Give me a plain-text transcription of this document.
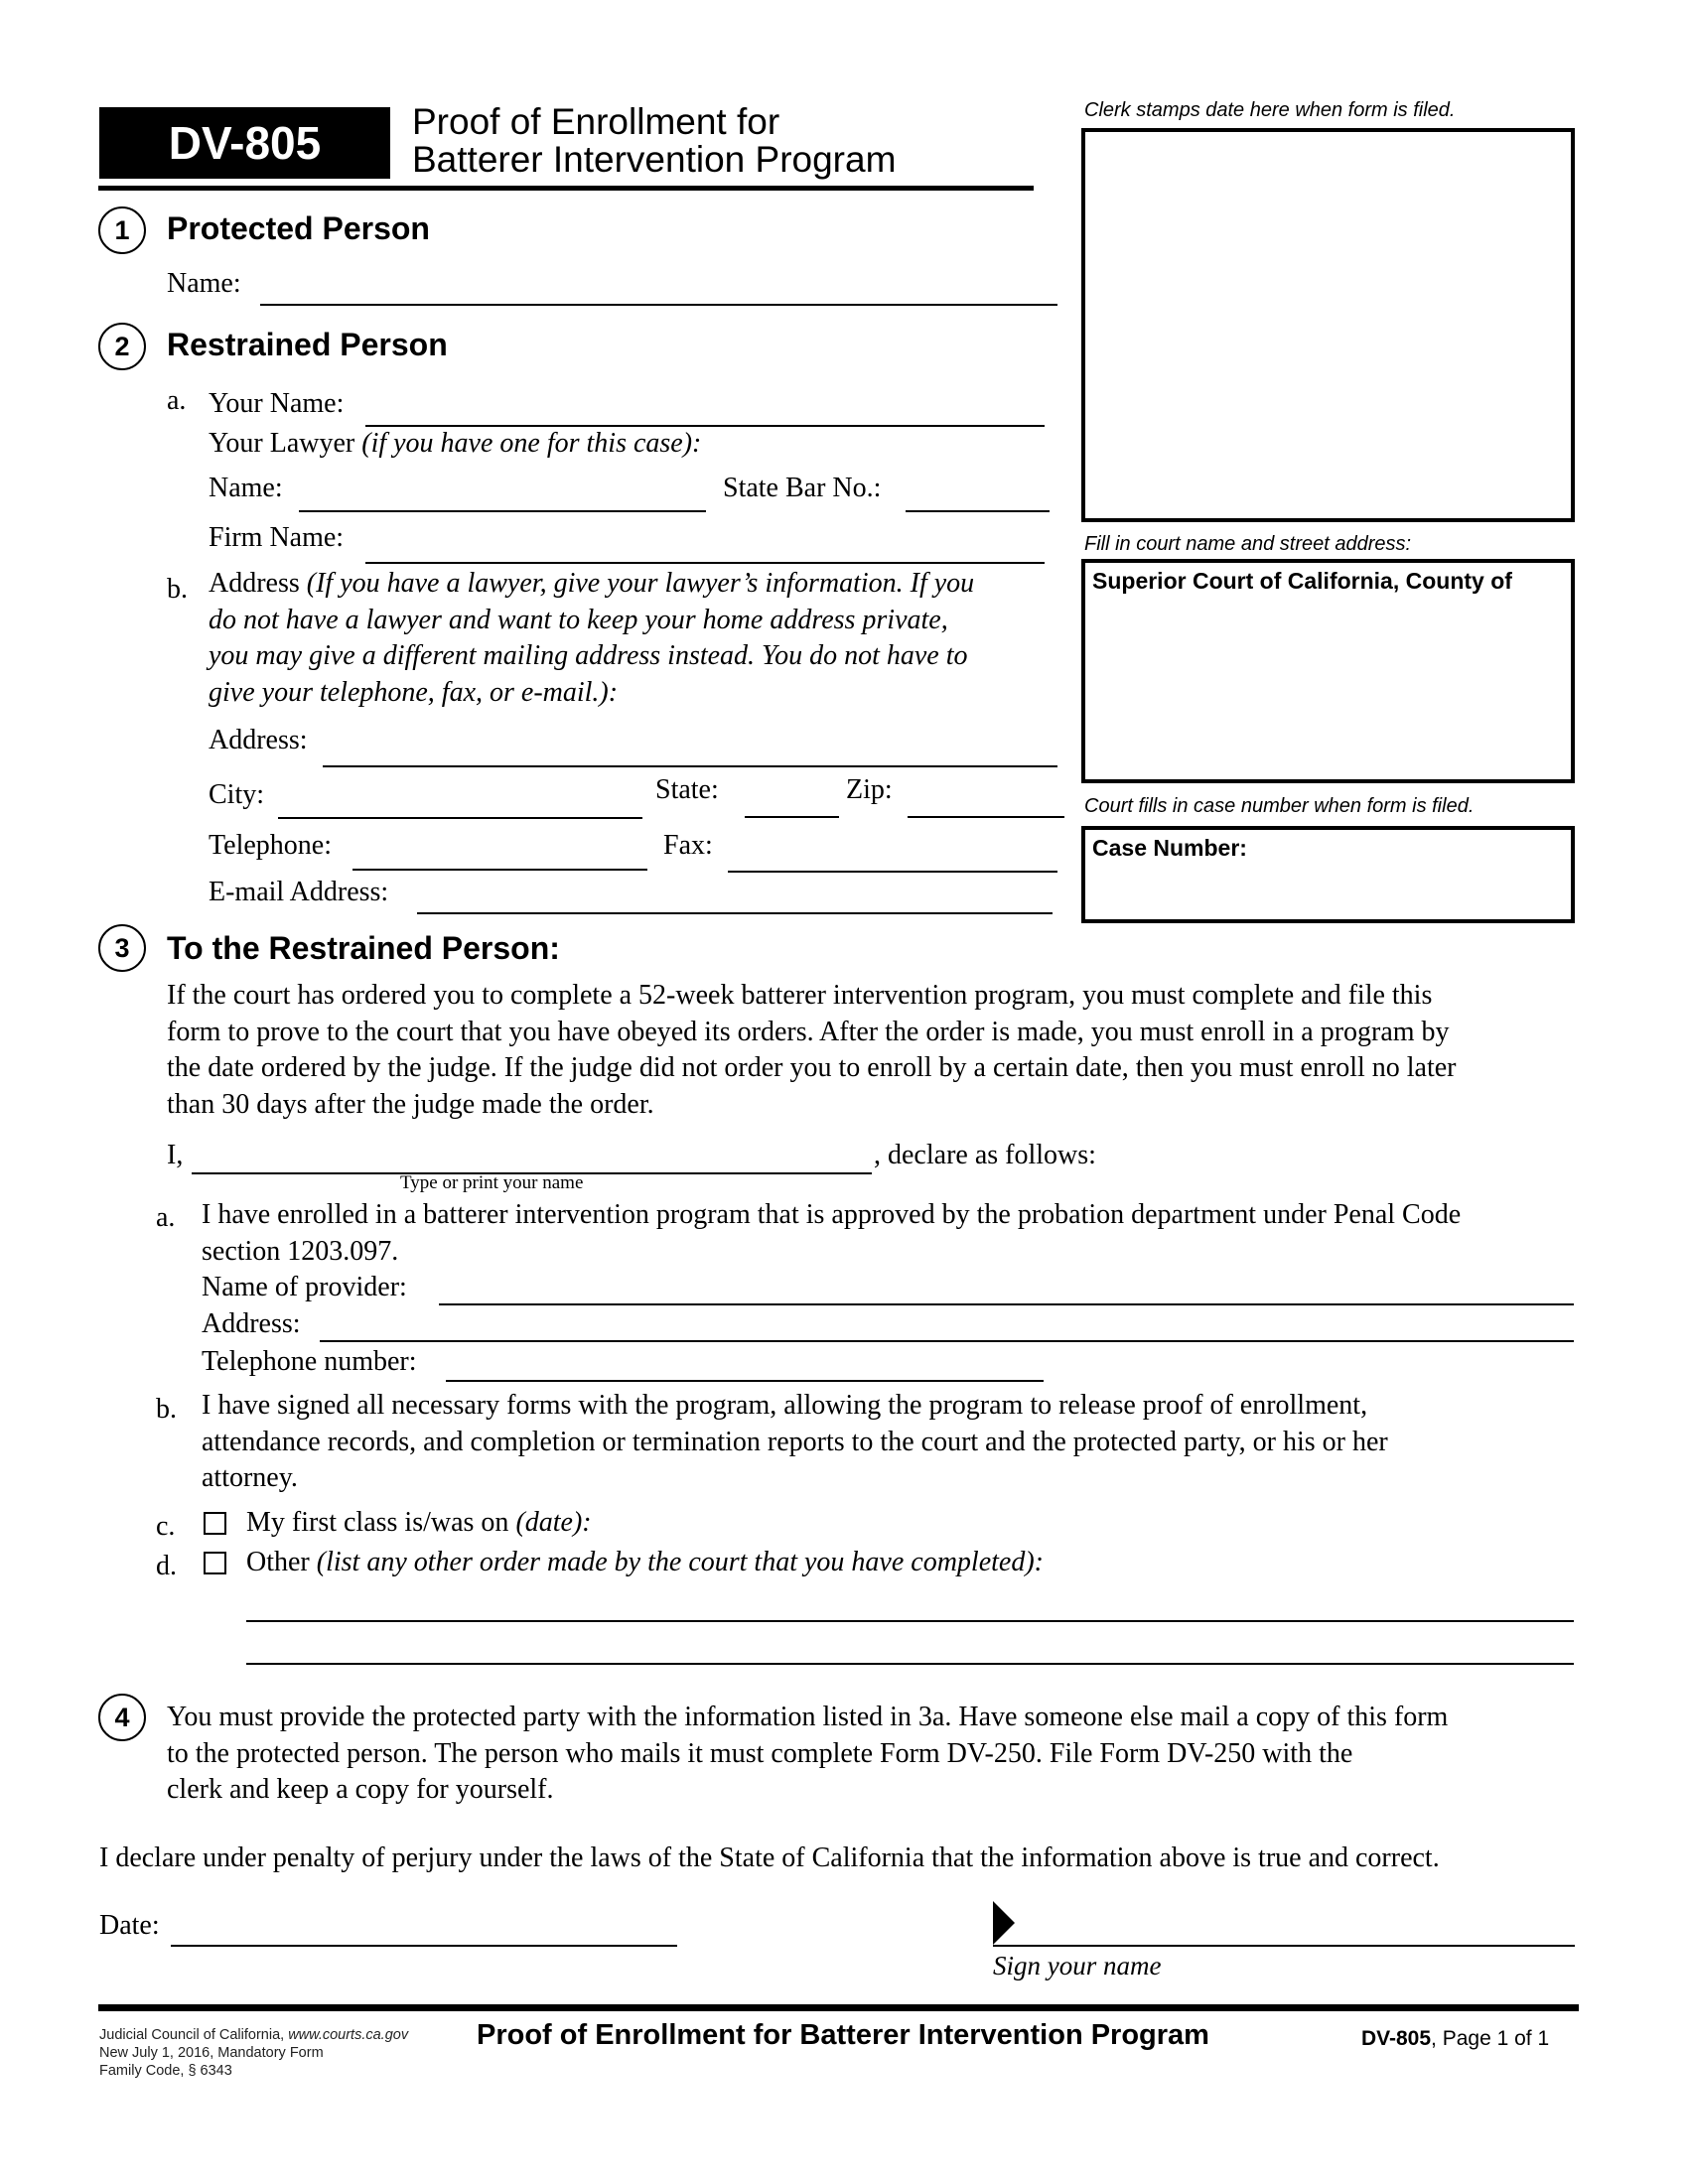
DV-805 Proof of Enrollment for
Batterer Intervention Program
Clerk stamps date here when form is filed.
Fill in court name and street address:
Superior Court of California, County of
Court fills in case number when form is filed.
Case Number:
1	Protected Person
Name:
2	Restrained Person
a. Your Name:
Your Lawyer (if you have one for this case):
Name:	State Bar No.:
Firm Name:
b. Address (If you have a lawyer, give your lawyer’s information. If you
do not have a lawyer and want to keep your home address private,
you may give a different mailing address instead. You do not have to
give your telephone, fax, or e-mail.):
Address:
City:	State:	Zip:
Telephone:	Fax:
E-mail Address:
3	To the Restrained Person:
If the court has ordered you to complete a 52-week batterer intervention program, you must complete and file this
form to prove to the court that you have obeyed its orders. After the order is made, you must enroll in a program by
the date ordered by the judge. If the judge did not order you to enroll by a certain date, then you must enroll no later
than 30 days after the judge made the order.
I,	, declare as follows:
Type or print your name
a. I have enrolled in a batterer intervention program that is approved by the probation department under Penal Code
section 1203.097.
Name of provider:
Address:
Telephone number:
b. I have signed all necessary forms with the program, allowing the program to release proof of enrollment,
attendance records, and completion or termination reports to the court and the protected party, or his or her
attorney.
c.	My first class is/was on (date):
d.	Other (list any other order made by the court that you have completed):
4	You must provide the protected party with the information listed in 3a. Have someone else mail a copy of this form
to the protected person. The person who mails it must complete Form DV-250. File Form DV-250 with the
clerk and keep a copy for yourself.
I declare under penalty of perjury under the laws of the State of California that the information above is true and correct.
Date:
Sign your name
Judicial Council of California, www.courts.ca.gov
New July 1, 2016, Mandatory Form
Family Code, § 6343
Proof of Enrollment for Batterer Intervention Program	DV-805, Page 1 of 1
